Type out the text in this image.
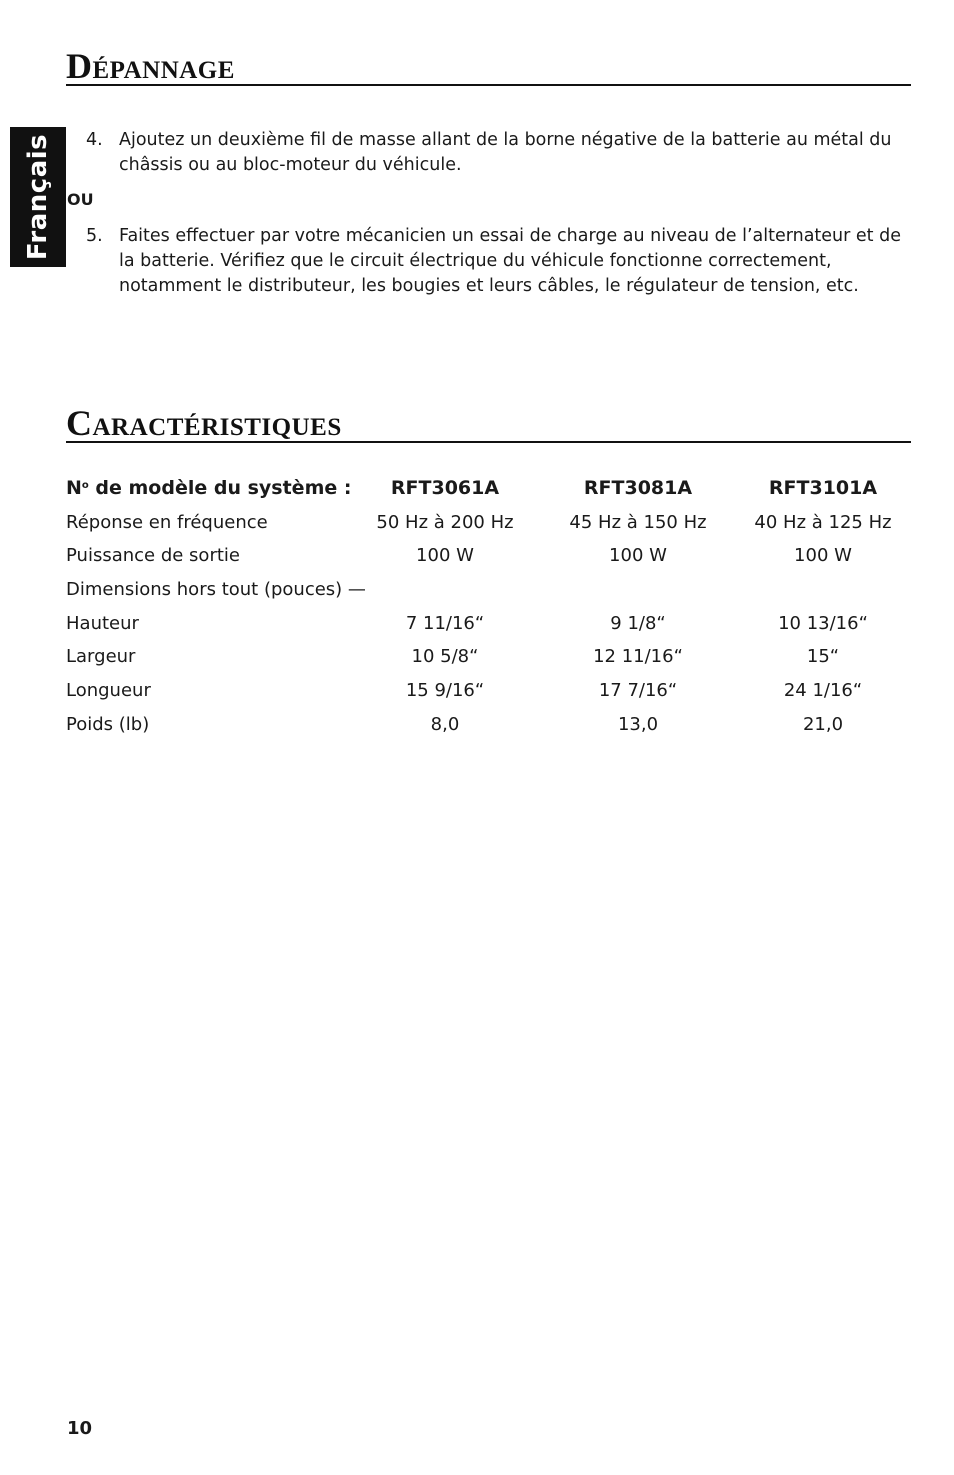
Dépannage
Français 4. Ajoutez un deuxième fil de masse allant de la borne négative de la batterie au métal du châssis ou au bloc-moteur du véhicule.
OU
5. Faites effectuer par votre mécanicien un essai de charge au niveau de l’alternateur et de la batterie. Vérifiez que le circuit électrique du véhicule fonctionne correctement, notamment le distributeur, les bougies et leurs câbles, le régulateur de tension, etc.
Caractéristiques
$N^o$ de modèle du système :	RFT3061A	RFT3081A	RFT3101A
Réponse en fréquence	50 Hz à 200 Hz	45 Hz à 150 Hz	40 Hz à 125 Hz
Puissance de sortie	100 W	100 W	100 W
Dimensions hors tout (pouces) —
Hauteur	7 11/16“	9 1/8“	10 13/16“
Largeur	10 5/8“	12 11/16“	15“
Longueur	15 9/16“	17 7/16“	24 1/16“
Poids (lb)	8,0	13,0	21,0
10
